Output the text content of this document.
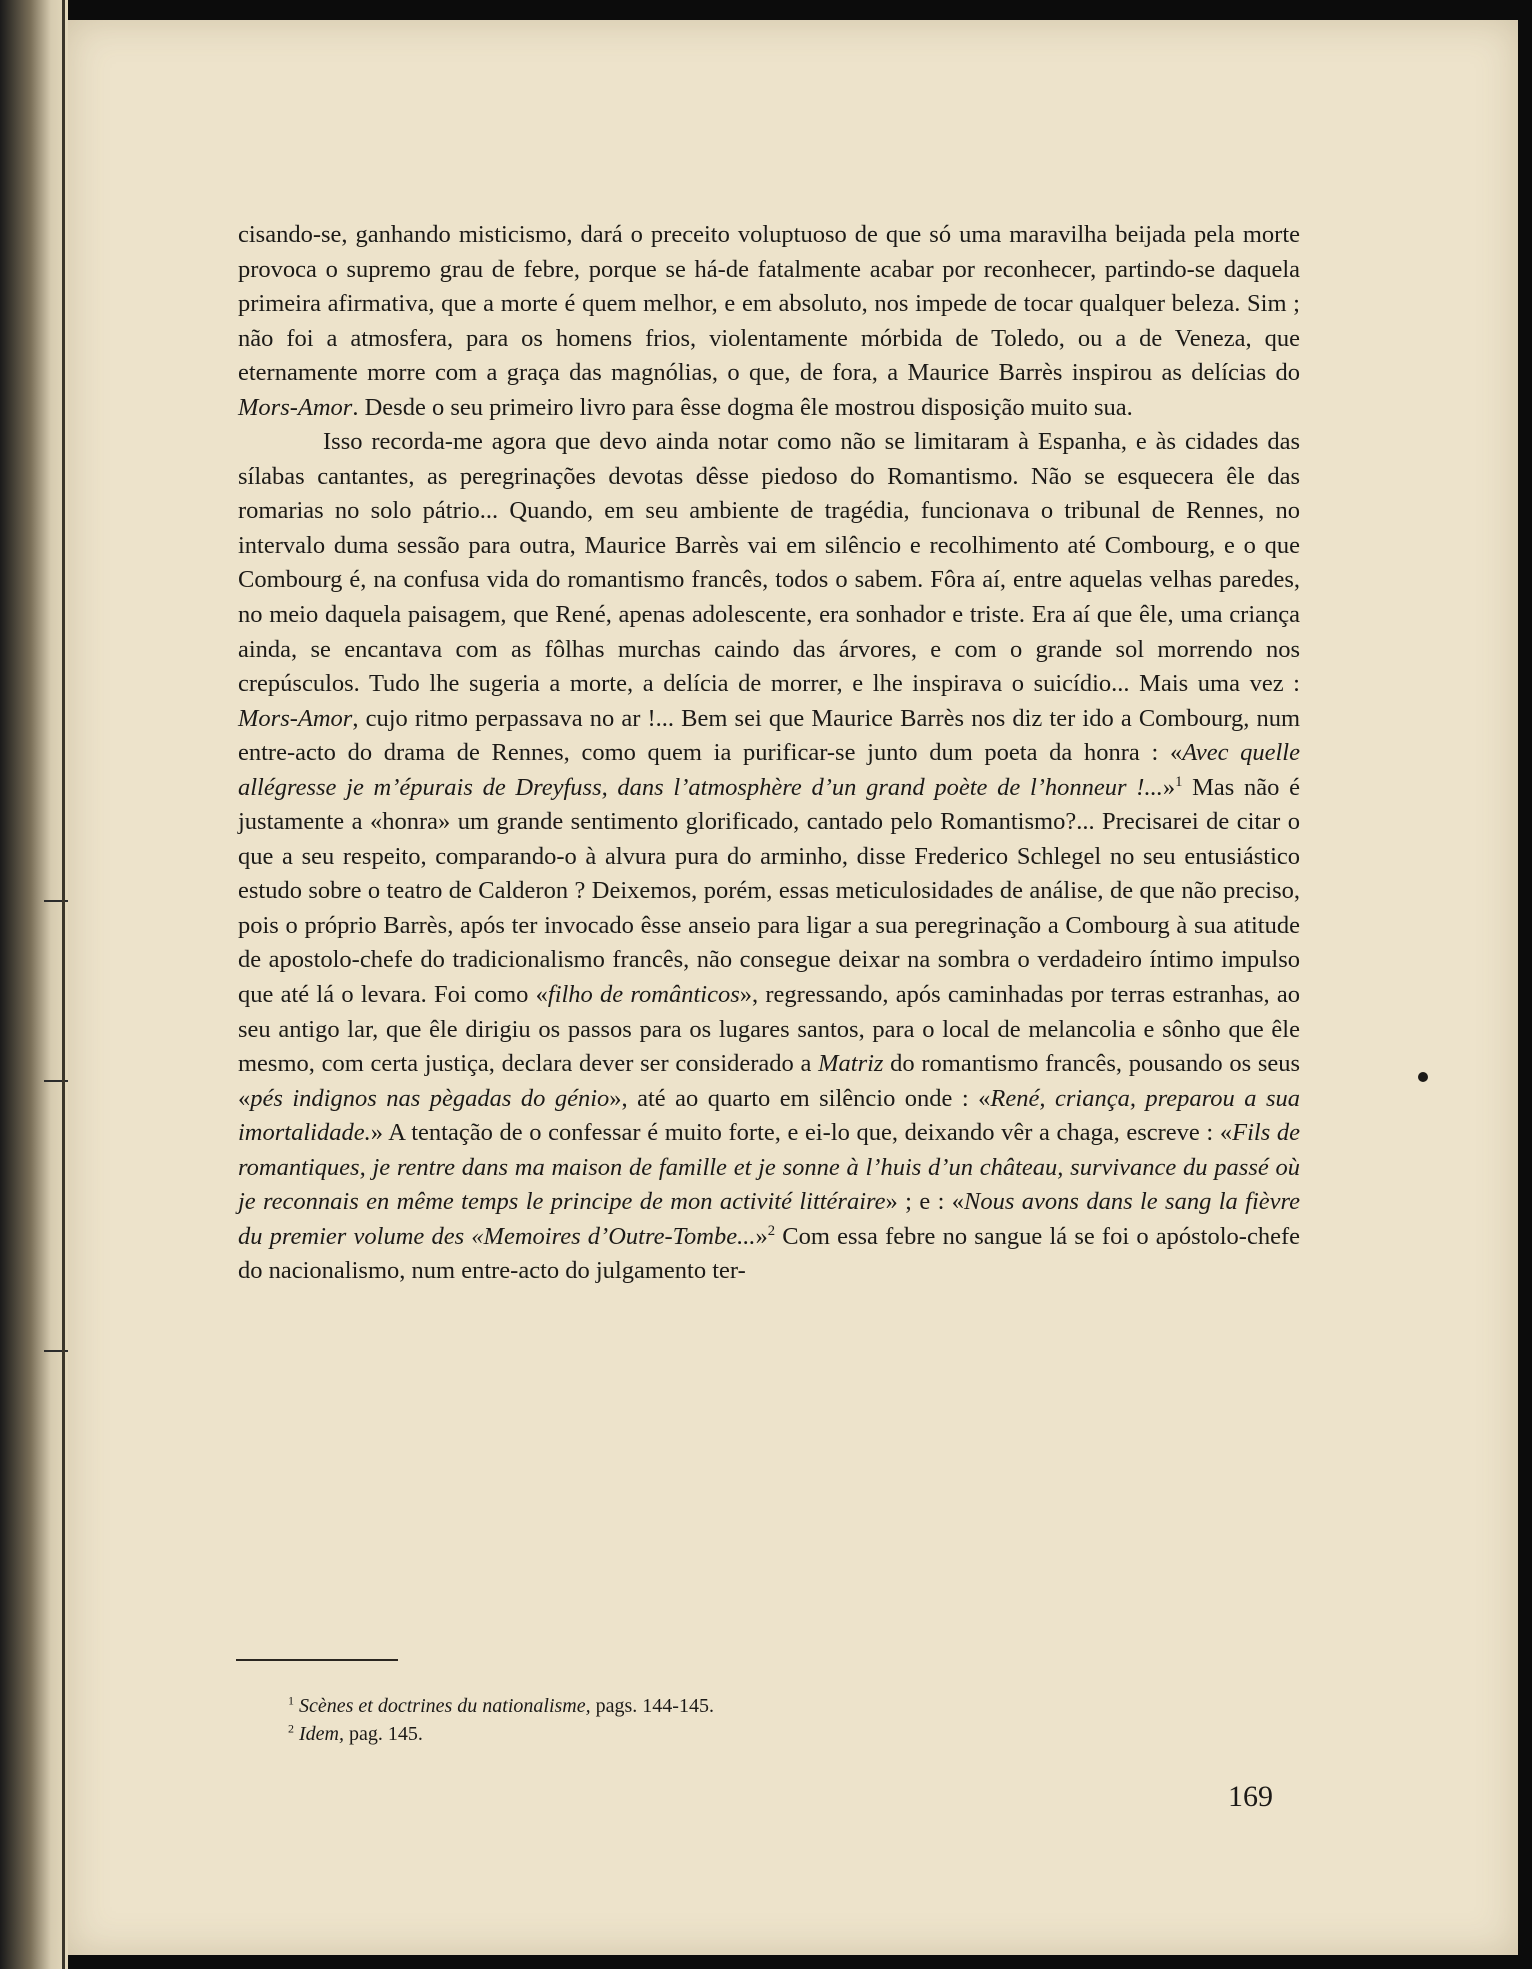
cisando-se, ganhando misticismo, dará o preceito voluptuoso de que só uma maravilha beijada pela morte provoca o supremo grau de febre, porque se há-de fatalmente acabar por reconhecer, partindo-se daquela primeira afirmativa, que a morte é quem melhor, e em absoluto, nos impede de tocar qualquer beleza. Sim ; não foi a atmosfera, para os homens frios, violentamente mórbida de Toledo, ou a de Veneza, que eternamente morre com a graça das magnólias, o que, de fora, a Maurice Barrès inspirou as delícias do Mors-Amor. Desde o seu primeiro livro para êsse dogma êle mostrou disposição muito sua.

Isso recorda-me agora que devo ainda notar como não se limitaram à Espanha, e às cidades das sílabas cantantes, as peregrinações devotas dêsse piedoso do Romantismo. Não se esquecera êle das romarias no solo pátrio... Quando, em seu ambiente de tragédia, funcionava o tribunal de Rennes, no intervalo duma sessão para outra, Maurice Barrès vai em silêncio e recolhimento até Combourg, e o que Combourg é, na confusa vida do romantismo francês, todos o sabem. Fôra aí, entre aquelas velhas paredes, no meio daquela paisagem, que René, apenas adolescente, era sonhador e triste. Era aí que êle, uma criança ainda, se encantava com as fôlhas murchas caindo das árvores, e com o grande sol morrendo nos crepúsculos. Tudo lhe sugeria a morte, a delícia de morrer, e lhe inspirava o suicídio... Mais uma vez : Mors-Amor, cujo ritmo perpassava no ar !... Bem sei que Maurice Barrès nos diz ter ido a Combourg, num entre-acto do drama de Rennes, como quem ia purificar-se junto dum poeta da honra : «Avec quelle allégresse je m’épurais de Dreyfuss, dans l’atmosphère d’un grand poète de l’honneur !...»$^1$ Mas não é justamente a «honra» um grande sentimento glorificado, cantado pelo Romantismo?... Precisarei de citar o que a seu respeito, comparando-o à alvura pura do arminho, disse Frederico Schlegel no seu entusiástico estudo sobre o teatro de Calderon ? Deixemos, porém, essas meticulosidades de análise, de que não preciso, pois o próprio Barrès, após ter invocado êsse anseio para ligar a sua peregrinação a Combourg à sua atitude de apostolo-chefe do tradicionalismo francês, não consegue deixar na sombra o verdadeiro íntimo impulso que até lá o levara. Foi como «filho de românticos», regressando, após caminhadas por terras estranhas, ao seu antigo lar, que êle dirigiu os passos para os lugares santos, para o local de melancolia e sônho que êle mesmo, com certa justiça, declara dever ser considerado a Matriz do romantismo francês, pousando os seus «pés indignos nas pègadas do génio», até ao quarto em silêncio onde : «René, criança, preparou a sua imortalidade.» A tentação de o confessar é muito forte, e ei-lo que, deixando vêr a chaga, escreve : «Fils de romantiques, je rentre dans ma maison de famille et je sonne à l’huis d’un château, survivance du passé où je reconnais en même temps le principe de mon activité littéraire» ; e : «Nous avons dans le sang la fièvre du premier volume des «Memoires d’Outre-Tombe...»$^2$ Com essa febre no sangue lá se foi o apóstolo-chefe do nacionalismo, num entre-acto do julgamento ter-

$^1$ Scènes et doctrines du nationalisme, pags. 144-145.

$^2$ Idem, pag. 145.

169
